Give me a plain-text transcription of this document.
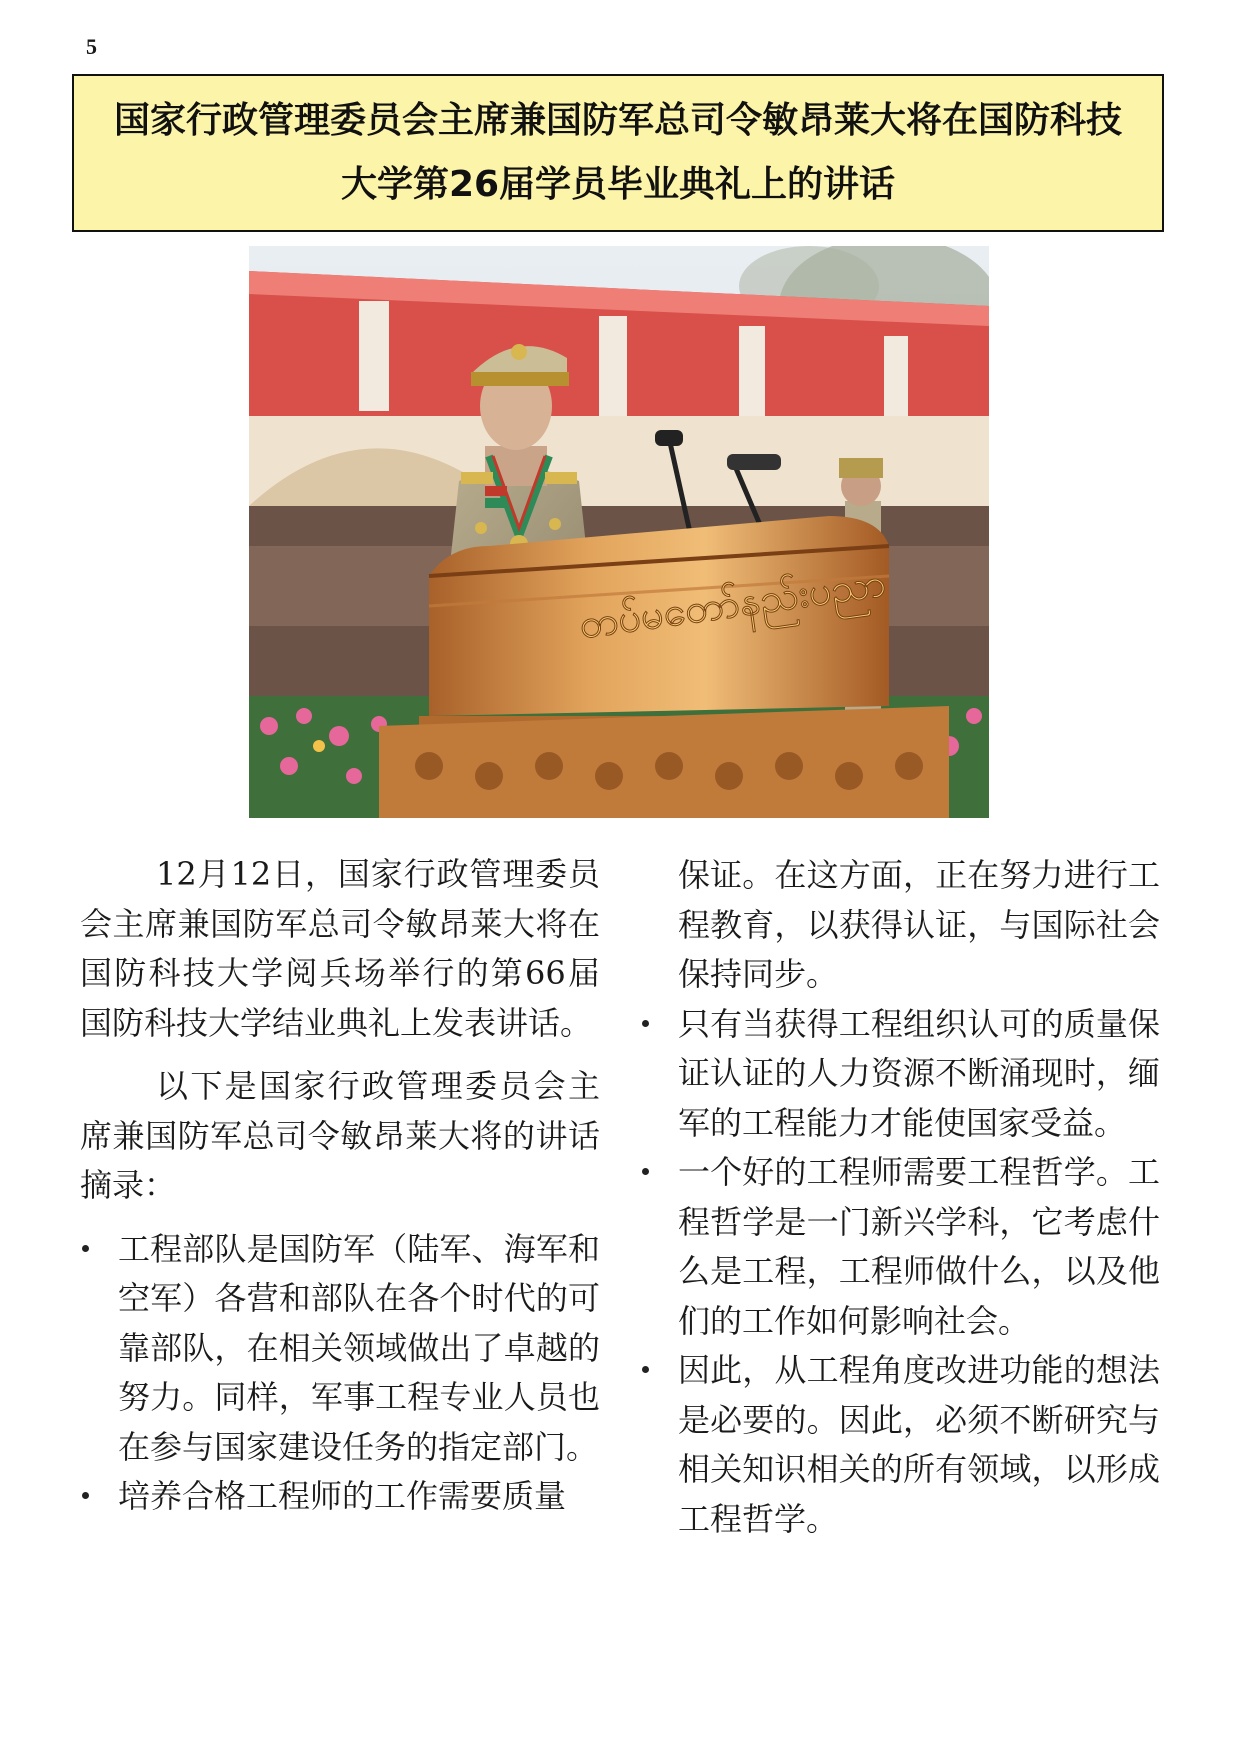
5
国家行政管理委员会主席兼国防军总司令敏昂莱大将在国防科技
大学第26届学员毕业典礼上的讲话
တပ်မတော်နည်းပညာ

12月12日，国家行政管理委员会主席兼国防军总司令敏昂莱大将在国防科技大学阅兵场举行的第66届国防科技大学结业典礼上发表讲话。

以下是国家行政管理委员会主席兼国防军总司令敏昂莱大将的讲话摘录：

工程部队是国防军（陆军、海军和空军）各营和部队在各个时代的可靠部队，在相关领域做出了卓越的努力。同样，军事工程专业人员也在参与国家建设任务的指定部门。
培养合格工程师的工作需要质量
保证。在这方面，正在努力进行工程教育，以获得认证，与国际社会保持同步。
只有当获得工程组织认可的质量保证认证的人力资源不断涌现时，缅军的工程能力才能使国家受益。
一个好的工程师需要工程哲学。工程哲学是一门新兴学科，它考虑什么是工程，工程师做什么，以及他们的工作如何影响社会。
因此，从工程角度改进功能的想法是必要的。因此，必须不断研究与相关知识相关的所有领域，以形成工程哲学。
